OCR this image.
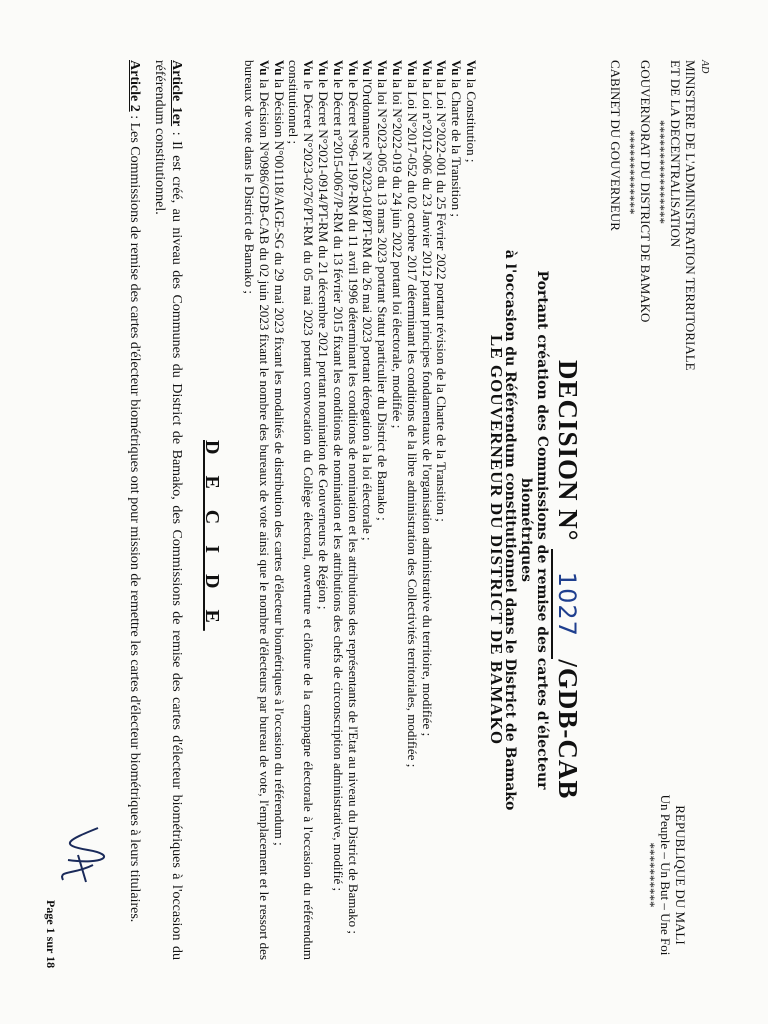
AD
MINISTERE DE L'ADMINISTRATION TERRITORIALE
ET DE LA DECENTRALISATION
****************
GOUVERNORAT DU DISTRICT DE BAMAKO
*************
CABINET DU GOUVERNEUR
REPUBLIQUE DU MALI
Un Peuple – Un But – Une Foi
**********
DECISION N° 1027/GDB-CAB
Portant création des Commissions de remise des cartes d'électeur biométriques
à l'occasion du Référendum constitutionnel dans le District de Bamako
LE GOUVERNEUR DU DISTRICT DE BAMAKO
Vu la Constitution ;
Vu la Charte de la Transition ;
Vu la Loi N°2022-001 du 25 Février 2022 portant révision de la Charte de la Transition ;
Vu la Loi n°2012-006 du 23 Janvier 2012 portant principes fondamentaux de l'organisation administrative du territoire, modifiée ;
Vu la Loi N°2017-052 du 02 octobre 2017 déterminant les conditions de la libre administration des Collectivités territoriales, modifiée ;
Vu la loi N°2022-019 du 24 juin 2022 portant loi électorale, modifiée ;
Vu la loi N°2023-005 du 13 mars 2023 portant Statut particulier du District de Bamako ;
Vu l'Ordonnance N°2023-018/PT-RM du 26 mai 2023 portant dérogation à la loi électorale ;
Vu le Décret N°96-119/P-RM du 11 avril 1996 déterminant les conditions de nomination et les attributions des représentants de l'Etat au niveau du District de Bamako ;
Vu le Décret n°2015-0067/P-RM du 13 février 2015 fixant les conditions de nomination et les attributions des chefs de circonscription administrative, modifié ;
Vu le Décret N°2021-0914/PT-RM du 21 décembre 2021 portant nomination de Gouverneurs de Région ;
Vu le Décret N°2023-0276/PT-RM du 05 mai 2023 portant convocation du Collège électoral, ouverture et clôture de la campagne électorale à l'occasion du référendum constitutionnel ;
Vu la Décision N°001118/AIGE-SG du 29 mai 2023 fixant les modalités de distribution des cartes d'électeur biométriques à l'occasion du référendum ;
Vu la Décision N°0986/GDB-CAB du 02 juin 2023 fixant le nombre des bureaux de vote ainsi que le nombre d'électeurs par bureau de vote, l'emplacement et le ressort des bureaux de vote dans le District de Bamako ;
D E C I D E
Article 1er : Il est créé, au niveau des Communes du District de Bamako, des Commissions de remise des cartes d'électeur biométriques à l'occasion du référendum constitutionnel.
Article 2 : Les Commissions de remise des cartes d'électeur biométriques ont pour mission de remettre les cartes d'électeur biométriques à leurs titulaires.
Page 1 sur 18
